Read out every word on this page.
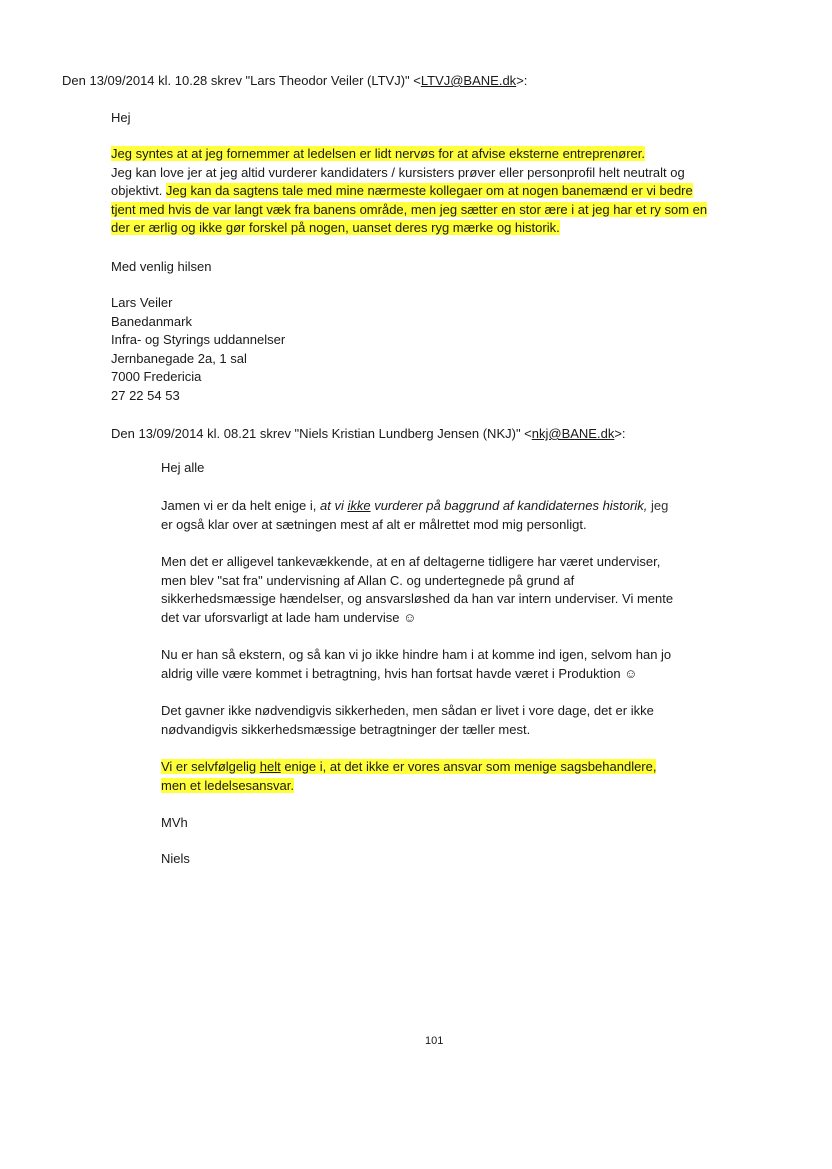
Den 13/09/2014 kl. 10.28 skrev "Lars Theodor Veiler (LTVJ)" <LTVJ@BANE.dk>:
Hej
Jeg syntes at at jeg fornemmer at ledelsen er lidt nervøs for at afvise eksterne entreprenører.
Jeg kan love jer at jeg altid vurderer kandidaters / kursisters prøver eller personprofil helt neutralt og
objektivt. Jeg kan da sagtens tale med mine nærmeste kollegaer om at nogen banemænd er vi bedre
tjent med hvis de var langt væk fra banens område, men jeg sætter en stor ære i at jeg har et ry som en
der er ærlig og ikke gør forskel på nogen, uanset deres ryg mærke og historik.
Med venlig hilsen
Lars Veiler
Banedanmark
Infra- og Styrings uddannelser
Jernbanegade 2a, 1 sal
7000 Fredericia
27 22 54 53
Den 13/09/2014 kl. 08.21 skrev "Niels Kristian Lundberg Jensen (NKJ)" <nkj@BANE.dk>:
Hej alle
Jamen vi er da helt enige i, at vi ikke vurderer på baggrund af kandidaternes historik, jeg
er også klar over at sætningen mest af alt er målrettet mod mig personligt.
Men det er alligevel tankevækkende, at en af deltagerne tidligere har været underviser,
men blev "sat fra" undervisning af Allan C. og undertegnede på grund af
sikkerhedsmæssige hændelser, og ansvarsløshed da han var intern underviser. Vi mente
det var uforsvarligt at lade ham undervise ☺
Nu er han så ekstern, og så kan vi jo ikke hindre ham i at komme ind igen, selvom han jo
aldrig ville være kommet i betragtning, hvis han fortsat havde været i Produktion ☺
Det gavner ikke nødvendigvis sikkerheden, men sådan er livet i vore dage, det er ikke
nødvandigvis sikkerhedsmæssige betragtninger der tæller mest.
Vi er selvfølgelig helt enige i, at det ikke er vores ansvar som menige sagsbehandlere,
men et ledelsesansvar.
MVh
Niels
101
